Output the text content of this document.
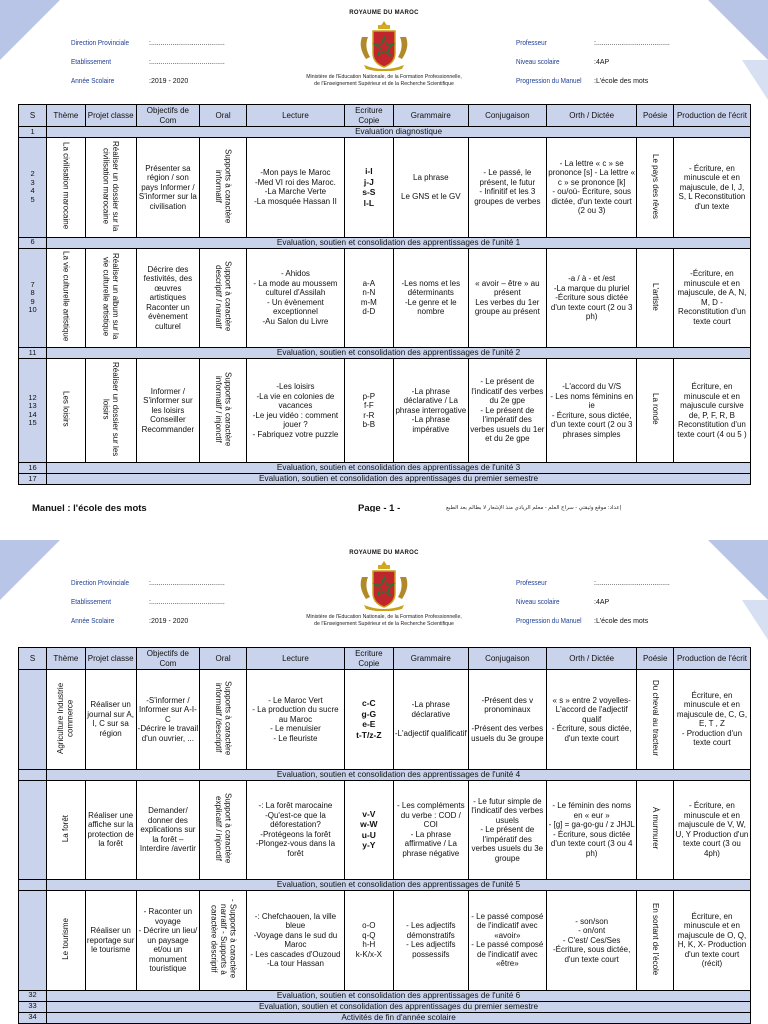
ROYAUME DU MAROC
Ministère de l'Education Nationale, de la Formation Professionnelle,
de l'Enseignement Supérieur et de la Recherche Scientifique
Direction Provinciale	:......................................
Etablissement	:......................................
Année Scolaire	:2019 - 2020
Professeur	:......................................
Niveau scolaire	:4AP
Progression du Manuel :L'école des mots
S	Thème	Projet classe	Objectifs de Com	Oral	Lecture	Ecriture Copie	Grammaire	Conjugaison	Orth / Dictée	Poésie	Production de l'écrit
1	Evaluation diagnostique										

2
3
4
5	La civilisation marocaine	Réaliser un dossier sur la civilisation marocaine	Présenter sa région / son pays Informer / S'informer sur la civilisation	Supports à caractère informatif	-Mon pays le Maroc
-Med VI roi des Maroc.
-La Marche Verte
-La mosquée Hassan II	i-I
j-J
s-S
l-L	La phrase

Le GNS et le GV	- Le passé, le présent, le futur
- Infinitif et les 3 groupes de verbes	- La lettre « c » se prononce [s] - La lettre « c » se prononce [k]
- ou/où- Écriture, sous dictée, d'un texte court (2 ou 3)	Le pays des rêves	- Écriture, en minuscule et en majuscule, de I, J, S, L Reconstitution d'un texte

6	Evaluation, soutien et consolidation des apprentissages de l'unité 1										

7
8
9
10	La vie culturelle artistique	Réaliser un album sur la vie culturelle artistique	Décrire des festivités, des œuvres artistiques Raconter un évènement culturel	Support à caractère descriptif / narratif	- Ahidos
- La mode au moussem culturel d'Assilah
- Un évènement exceptionnel
-Au Salon du Livre	a-A
n-N
m-M
d-D	-Les noms et les déterminants
-Le genre et le nombre	« avoir – être » au présent
Les verbes du 1er groupe au présent	-a / à - et /est
-La marque du pluriel
-Écriture sous dictée d'un texte court (2 ou 3 ph)	L'artiste	-Écriture, en minuscule et en majuscule, de A, N, M, D - Reconstitution d'un texte court

11	Evaluation, soutien et consolidation des apprentissages de l'unité 2										

12
13
14
15	Les loisirs	Réaliser un dossier sur les loisirs	Informer / S'informer sur les loisirs Conseiller Recommander	Supports à caractère informatif / injonctif	-Les loisirs
-La vie en colonies de vacances
-Le jeu vidéo : comment jouer ?
- Fabriquez votre puzzle	p-P
f-F
r-R
b-B	-La phrase déclarative / La phrase interrogative
-La phrase impérative	- Le présent de l'indicatif des verbes du 2e gpe
- Le présent de l'impératif des verbes usuels du 1er et du 2e gpe	-L'accord du V/S
- Les noms féminins en ie
- Écriture, sous dictée, d'un texte court (2 ou 3 phrases simples	La ronde	Écriture, en minuscule et en majuscule cursive de, P, F, R, B Reconstitution d'un texte court (4 ou 5 )

16	Evaluation, soutien et consolidation des apprentissages de l'unité 3										
17	Evaluation, soutien et consolidation des apprentissages du premier semestre										
Manuel : l'école des mots	Page - 1 -	إعداد: موقع وثيقتي - سراج العلم - معلم الريادي منذ الإشعار لا بطالم بعد الطبع
ROYAUME DU MAROC
Ministère de l'Education Nationale, de la Formation Professionnelle,
de l'Enseignement Supérieur et de la Recherche Scientifique
Direction Provinciale	:......................................
Etablissement	:......................................
Année Scolaire	:2019 - 2020
Professeur	:......................................
Niveau scolaire	:4AP
Progression du Manuel :L'école des mots
S	Thème	Projet classe	Objectifs de Com	Oral	Lecture	Ecriture Copie	Grammaire	Conjugaison	Orth / Dictée	Poésie	Production de l'écrit
	Agriculture Industrie commerce	Réaliser un journal sur A, I, C sur sa région	-S'informer / Informer sur A-I-C
-Décrire le travail d'un ouvrier, ...	Supports à caractère informatif /descriptif	- Le Maroc Vert
- La production du sucre au Maroc
- Le menuisier
- Le fleuriste	c-C
g-G
e-E
t-T/z-Z	-La phrase déclarative

-L'adjectif qualificatif	-Présent des v pronominaux

-Présent des verbes usuels du 3e groupe	« s » entre 2 voyelles-
L'accord de l'adjectif qualif
- Écriture, sous dictée, d'un texte court	Du cheval au tracteur	Écriture, en minuscule et en majuscule de, C, G, E, T , Z
- Production d'un texte court

	Evaluation, soutien et consolidation des apprentissages de l'unité 4										
	La forêt	Réaliser une affiche sur la protection de la forêt	Demander/ donner des explications sur la forêt – Interdire /avertir	Support à caractère explicatif / injonctif	-: La forêt marocaine
-Qu'est-ce que la déforestation?
-Protégeons la forêt
-Plongez-vous dans la forêt	v-V
w-W
u-U
y-Y	- Les compléments du verbe : COD / COI
- La phrase affirmative / La phrase négative	- Le futur simple de l'indicatif des verbes usuels
- Le présent de l'impératif des verbes usuels du 3e groupe	- Le féminin des noms en « eur »
- [g] = ga-go-gu / z JHJL
- Écriture, sous dictée d'un texte court (3 ou 4 ph)	À murmurer	- Écriture, en minuscule et en majuscule de V, W, U, Y Production d'un texte court (3 ou 4ph)

	Evaluation, soutien et consolidation des apprentissages de l'unité 5										
	Le tourisme	Réaliser un reportage sur le tourisme	- Raconter un voyage
- Décrire un lieu/ un paysage et/ou un monument touristique	- Supports à caractère narratif - Supports à caractère descriptif	-: Chefchaouen, la ville bleue
-Voyage dans le sud du Maroc
- Les cascades d'Ouzoud
-La tour Hassan	o-O
q-Q
h-H
k-K/x-X	- Les adjectifs démonstratifs
- Les adjectifs possessifs	- Le passé composé de l'indicatif avec «avoir»
- Le passé composé de l'indicatif avec «être»	- son/son
- on/ont
- C'est/ Ces/Ses
-Écriture, sous dictée, d'un texte court	En sortant de l'école	Écriture, en minuscule et en majuscule de O, Q, H, K, X- Production d'un texte court (récit)

32	Evaluation, soutien et consolidation des apprentissages de l'unité 6										
33	Evaluation, soutien et consolidation des apprentissages du premier semestre										
34	Activités de fin d'année scolaire										
